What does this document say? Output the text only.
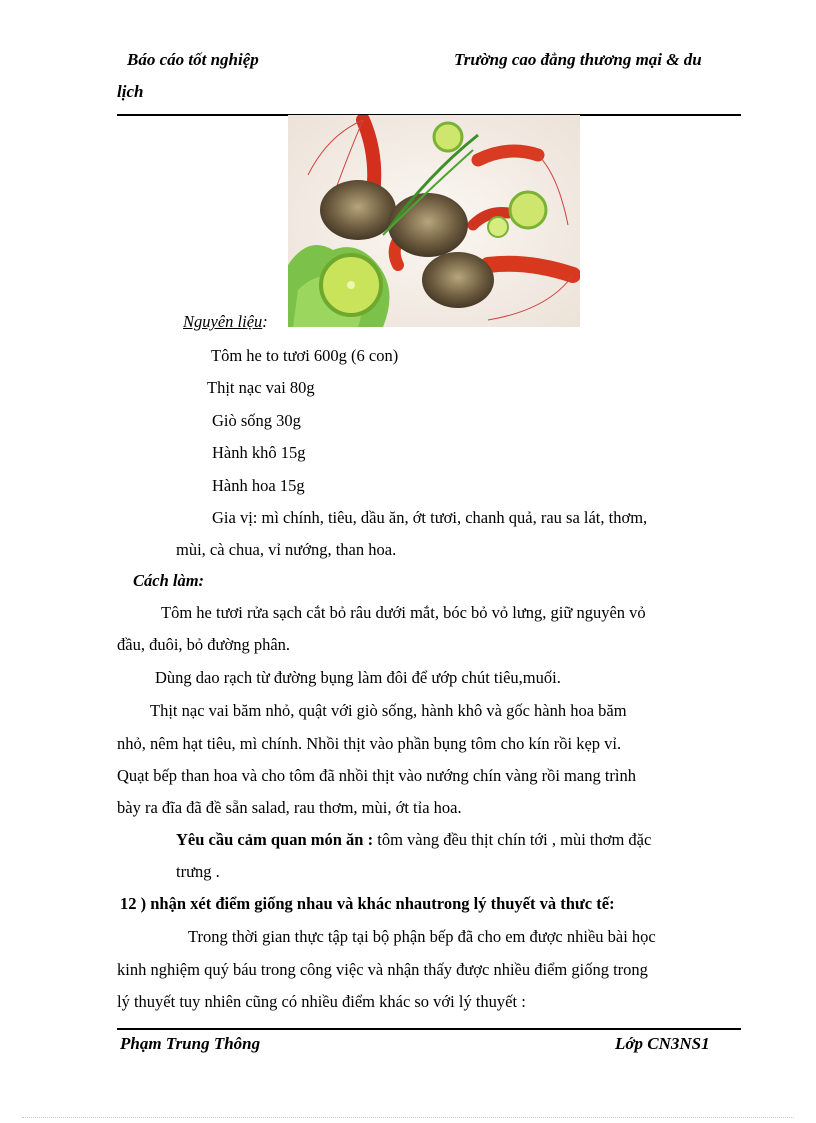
Báo cáo tốt nghiệp	Trường cao đẳng thương mại & du
lịch
Nguyên liệu:
Tôm he to tươi 600g (6 con)
Thịt nạc vai 80g
Giò sống 30g
Hành khô 15g
Hành hoa 15g
Gia vị: mì chính, tiêu, dầu ăn, ớt tươi, chanh quả, rau sa lát, thơm,
mùi, cà chua, vỉ nướng, than hoa.
Cách làm:
Tôm he tươi rửa sạch cắt bỏ râu dưới mắt, bóc bỏ vỏ lưng, giữ nguyên vỏ
đầu, đuôi, bỏ đường phân.
Dùng dao rạch từ đường bụng làm đôi để ướp chút tiêu,muối.
Thịt nạc vai băm nhỏ, quật với giò sống, hành khô và gốc hành hoa băm
nhỏ, nêm hạt tiêu, mì chính. Nhồi thịt vào phần bụng tôm cho kín rồi kẹp vỉ.
Quạt bếp than hoa và cho tôm đã nhồi thịt vào nướng chín vàng rồi mang trình
bày ra đĩa đã đề sẵn salad, rau thơm, mùi, ớt tỉa hoa.
Yêu cầu cảm quan món ăn : tôm vàng đều thịt chín tới , mùi thơm đặc
trưng .
12 ) nhận xét điểm giống nhau và khác nhautrong lý thuyết và thưc tế:
Trong thời gian thực tập tại bộ phận bếp đã cho em được nhiều bài học
kinh nghiệm quý báu trong công việc và nhận thấy được nhiều điểm giống trong
lý thuyết tuy nhiên cũng có nhiều điểm khác so với lý thuyết :
Phạm Trung Thông	Lớp CN3NS1
